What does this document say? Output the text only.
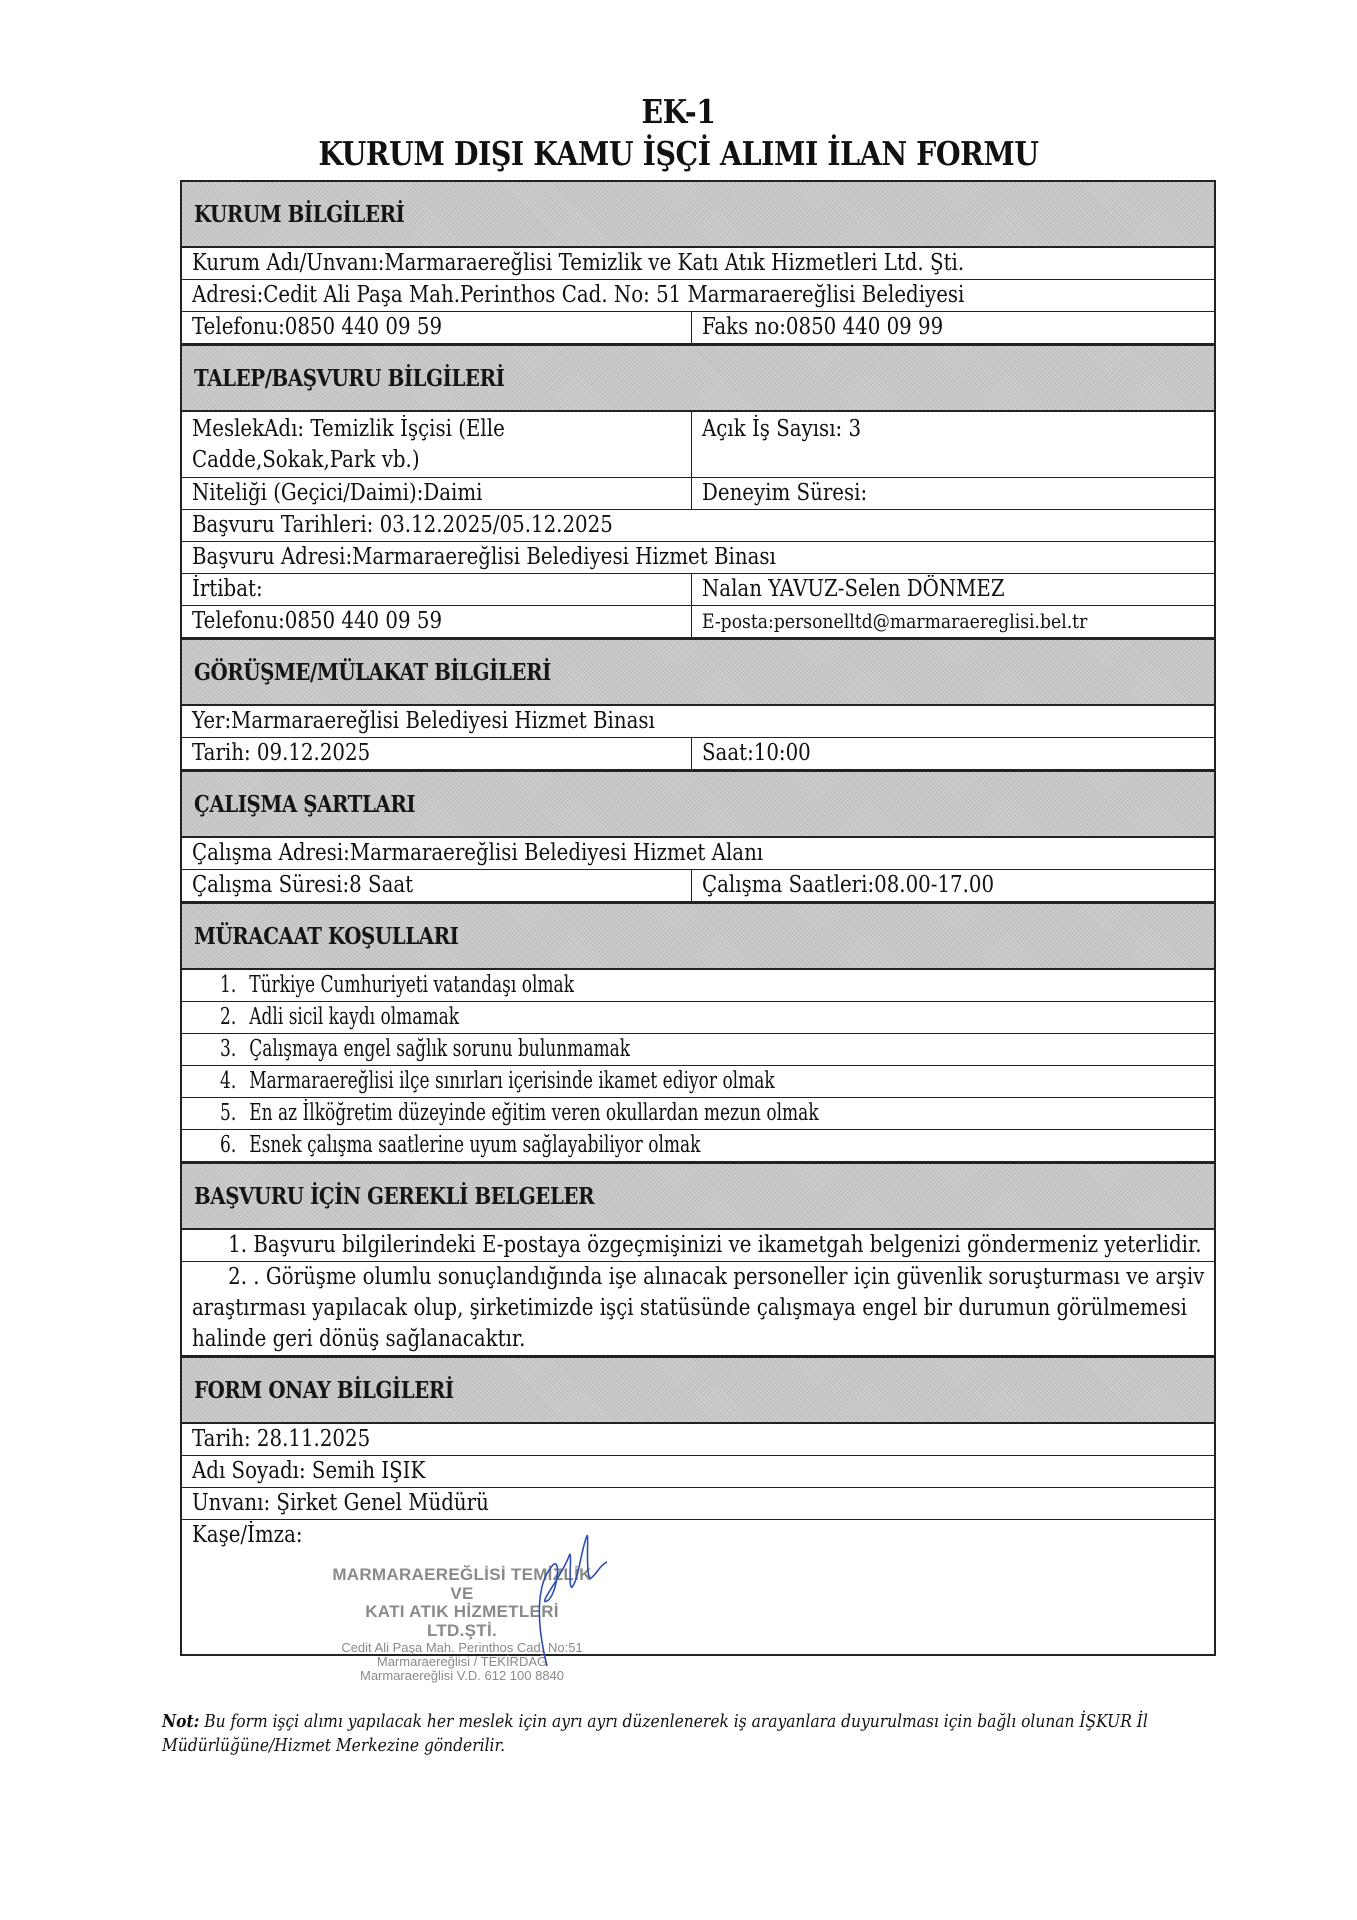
EK-1
KURUM DIŞI KAMU İŞÇİ ALIMI İLAN FORMU
KURUM BİLGİLERİ
Kurum Adı/Unvanı:Marmaraereğlisi Temizlik ve Katı Atık Hizmetleri Ltd. Şti.
Adresi:Cedit Ali Paşa Mah.Perinthos Cad. No: 51 Marmaraereğlisi Belediyesi
Telefonu:0850 440 09 59	Faks no:0850 440 09 99
TALEP/BAŞVURU BİLGİLERİ
MeslekAdı: Temizlik İşçisi (Elle Cadde,Sokak,Park vb.)
Açık İş Sayısı: 3
Niteliği (Geçici/Daimi):Daimi	Deneyim Süresi:
Başvuru Tarihleri: 03.12.2025/05.12.2025
Başvuru Adresi:Marmaraereğlisi Belediyesi Hizmet Binası
İrtibat:	Nalan YAVUZ-Selen DÖNMEZ
Telefonu:0850 440 09 59	E-posta:personelltd@marmaraereglisi.bel.tr
GÖRÜŞME/MÜLAKAT BİLGİLERİ
Yer:Marmaraereğlisi Belediyesi Hizmet Binası
Tarih: 09.12.2025	Saat:10:00
ÇALIŞMA ŞARTLARI
Çalışma Adresi:Marmaraereğlisi Belediyesi Hizmet Alanı
Çalışma Süresi:8 Saat	Çalışma Saatleri:08.00-17.00
MÜRACAAT KOŞULLARI
1. Türkiye Cumhuriyeti vatandaşı olmak
2. Adli sicil kaydı olmamak
3. Çalışmaya engel sağlık sorunu bulunmamak
4. Marmaraereğlisi ilçe sınırları içerisinde ikamet ediyor olmak
5. En az İlköğretim düzeyinde eğitim veren okullardan mezun olmak
6. Esnek çalışma saatlerine uyum sağlayabiliyor olmak
BAŞVURU İÇİN GEREKLİ BELGELER
1. Başvuru bilgilerindeki E-postaya özgeçmişinizi ve ikametgah belgenizi göndermeniz yeterlidir.
2. . Görüşme olumlu sonuçlandığında işe alınacak personeller için güvenlik soruşturması ve arşiv araştırması yapılacak olup, şirketimizde işçi statüsünde çalışmaya engel bir durumun görülmemesi halinde geri dönüş sağlanacaktır.
FORM ONAY BİLGİLERİ
Tarih: 28.11.2025
Adı Soyadı: Semih IŞIK
Unvanı: Şirket Genel Müdürü
Kaşe/İmza:
MARMARAEREĞLİSİ TEMİZLİK VE
KATI ATIK HİZMETLERİ LTD.ŞTİ.
Cedit Ali Paşa Mah. Perinthos Cad. No:51
Marmaraereğlisi / TEKİRDAĞ
Marmaraereğlisi V.D. 612 100 8840
Not: Bu form işçi alımı yapılacak her meslek için ayrı ayrı düzenlenerek iş arayanlara duyurulması için bağlı olunan İŞKUR İl Müdürlüğüne/Hizmet Merkezine gönderilir.
